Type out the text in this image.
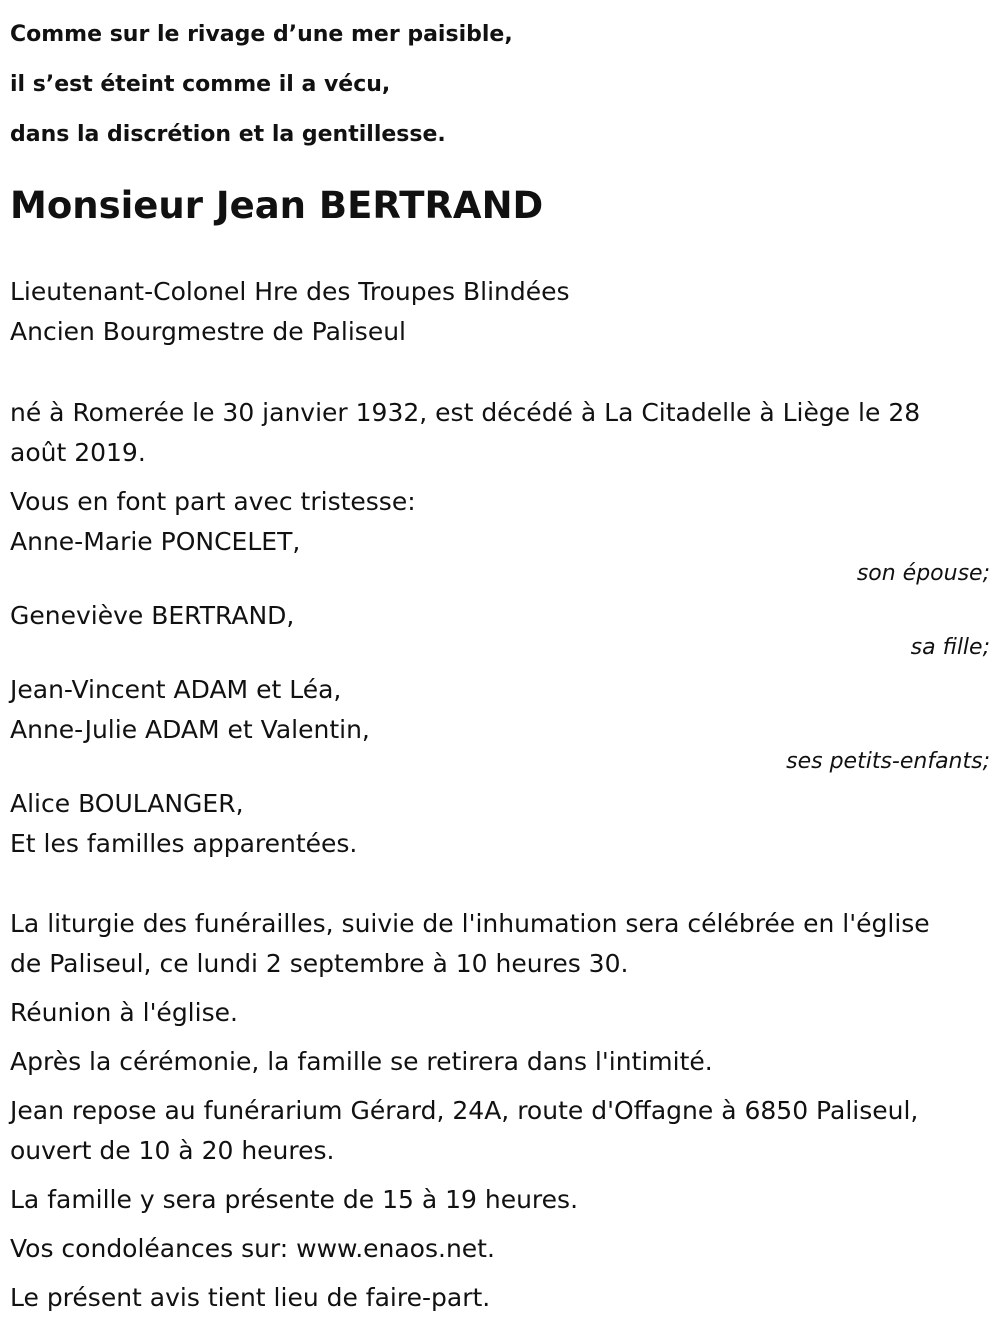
Comme sur le rivage d’une mer paisible,

il s’est éteint comme il a vécu,

dans la discrétion et la gentillesse.

Monsieur Jean BERTRAND

Lieutenant-Colonel Hre des Troupes Blindées

Ancien Bourgmestre de Paliseul

né à Romerée le 30 janvier 1932, est décédé à La Citadelle à Liège le 28

août 2019.

Vous en font part avec tristesse:

Anne-Marie PONCELET,

son épouse;

Geneviève BERTRAND,

sa fille;

Jean-Vincent ADAM et Léa,

Anne-Julie ADAM et Valentin,

ses petits-enfants;

Alice BOULANGER,

Et les familles apparentées.

La liturgie des funérailles, suivie de l'inhumation sera célébrée en l'église

de Paliseul, ce lundi 2 septembre à 10 heures 30.

Réunion à l'église.

Après la cérémonie, la famille se retirera dans l'intimité.

Jean repose au funérarium Gérard, 24A, route d'Offagne à 6850 Paliseul,

ouvert de 10 à 20 heures.

La famille y sera présente de 15 à 19 heures.

Vos condoléances sur: www.enaos.net.

Le présent avis tient lieu de faire-part.
